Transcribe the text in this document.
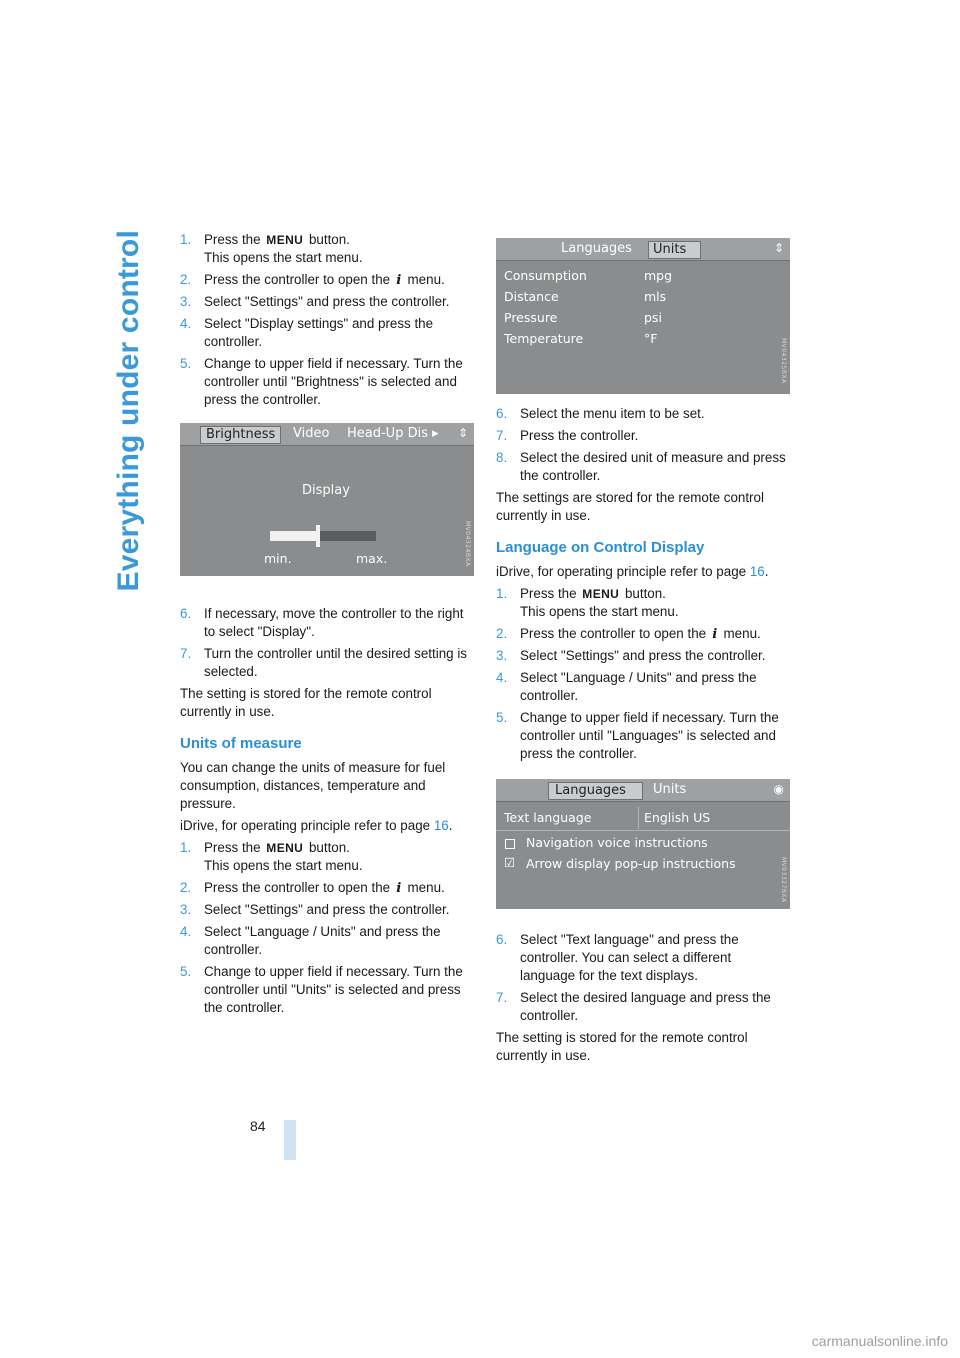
Everything under control	1. Press the MENU button.
This opens the start menu.
2. Press the controller to open the i menu.
3. Select "Settings" and press the controller.
4. Select "Display settings" and press the controller.
5. Change to upper field if necessary. Turn the controller until "Brightness" is selected and press the controller.
6. If necessary, move the controller to the right to select "Display".
7. Turn the controller until the desired setting is selected.

The setting is stored for the remote control currently in use.

Units of measure

You can change the units of measure for fuel consumption, distances, temperature and pressure.

iDrive, for operating principle refer to page 16.

1. Press the MENU button.
This opens the start menu.
2. Press the controller to open the i menu.
3. Select "Settings" and press the controller.
4. Select "Language / Units" and press the controller.
5. Change to upper field if necessary. Turn the controller until "Units" is selected and press the controller.
Brightness	Video	Head-Up Dis ▸	⇕
Display
min.	max.	MV04324BXA
Languages	Units	⇕
Consumption	mpg
Distance	mls
Pressure	psi
Temperature	°F	MV04325BXA
6. Select the menu item to be set.
7. Press the controller.
8. Select the desired unit of measure and press the controller.

The settings are stored for the remote control currently in use.

Language on Control Display

iDrive, for operating principle refer to page 16.

1. Press the MENU button.
This opens the start menu.
2. Press the controller to open the i menu.
3. Select "Settings" and press the controller.
4. Select "Language / Units" and press the controller.
5. Change to upper field if necessary. Turn the controller until "Languages" is selected and press the controller.
6. Select "Text language" and press the controller. You can select a different language for the text displays.
7. Select the desired language and press the controller.

The setting is stored for the remote control currently in use.

Languages	Units	◉
Text language	English US
Navigation voice instructions
☑ Arrow display pop-up instructions	MV03327BXA
84
carmanualsonline.info
